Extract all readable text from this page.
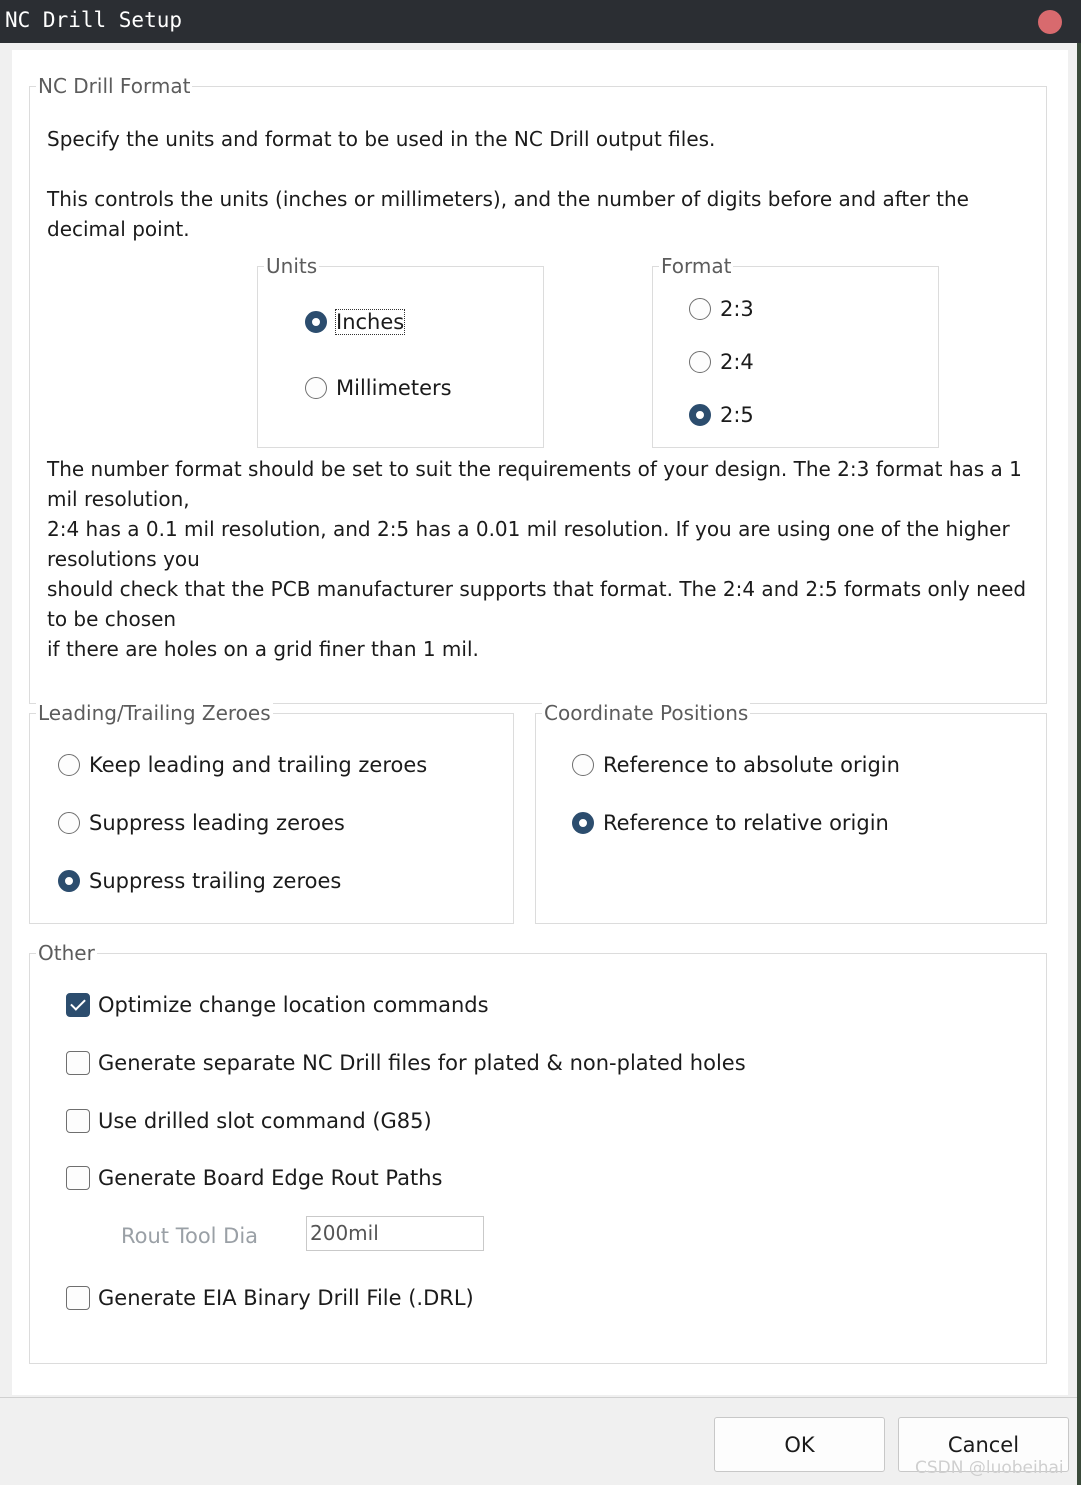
NC Drill Setup
NC Drill Format
Specify the units and format to be used in the NC Drill output files.
This controls the units (inches or millimeters), and the number of digits before and after the
decimal point.
Units
Inches
Millimeters
Format
2:3
2:4
2:5
The number format should be set to suit the requirements of your design. The 2:3 format has a 1
mil resolution,
2:4 has a 0.1 mil resolution, and 2:5 has a 0.01 mil resolution. If you are using one of the higher
resolutions you
should check that the PCB manufacturer supports that format. The 2:4 and 2:5 formats only need
to be chosen
if there are holes on a grid finer than 1 mil.
Leading/Trailing Zeroes
Keep leading and trailing zeroes
Suppress leading zeroes
Suppress trailing zeroes
Coordinate Positions
Reference to absolute origin
Reference to relative origin
Other
Optimize change location commands
Generate separate NC Drill files for plated & non-plated holes
Use drilled slot command (G85)
Generate Board Edge Rout Paths
Rout Tool Dia	200mil
Generate EIA Binary Drill File (.DRL)
OK	Cancel
CSDN @luobeihai
